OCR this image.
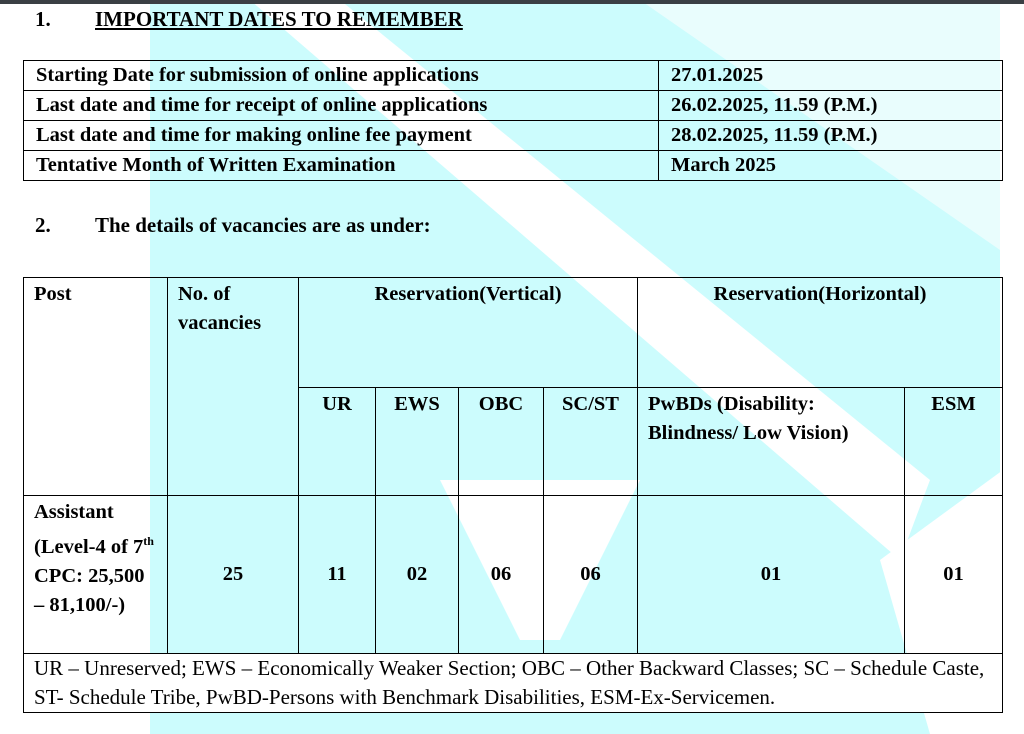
1. IMPORTANT DATES TO REMEMBER
Starting Date for submission of online applications	27.01.2025
Last date and time for receipt of online applications	26.02.2025, 11.59 (P.M.)
Last date and time for making online fee payment	28.02.2025, 11.59 (P.M.)
Tentative Month of Written Examination	March 2025
2. The details of vacancies are as under:
Post	No. of vacancies	Reservation(Vertical)				Reservation(Horizontal)	
		UR	EWS	OBC	SC/ST	PwBDs (Disability: Blindness/ Low Vision)	ESM
Assistant (Level-4 of 7th CPC: 25,500 – 81,100/-)	25	11	02	06	06	01	01
UR – Unreserved; EWS – Economically Weaker Section; OBC – Other Backward Classes; SC – Schedule Caste, ST- Schedule Tribe, PwBD-Persons with Benchmark Disabilities, ESM-Ex-Servicemen.							
